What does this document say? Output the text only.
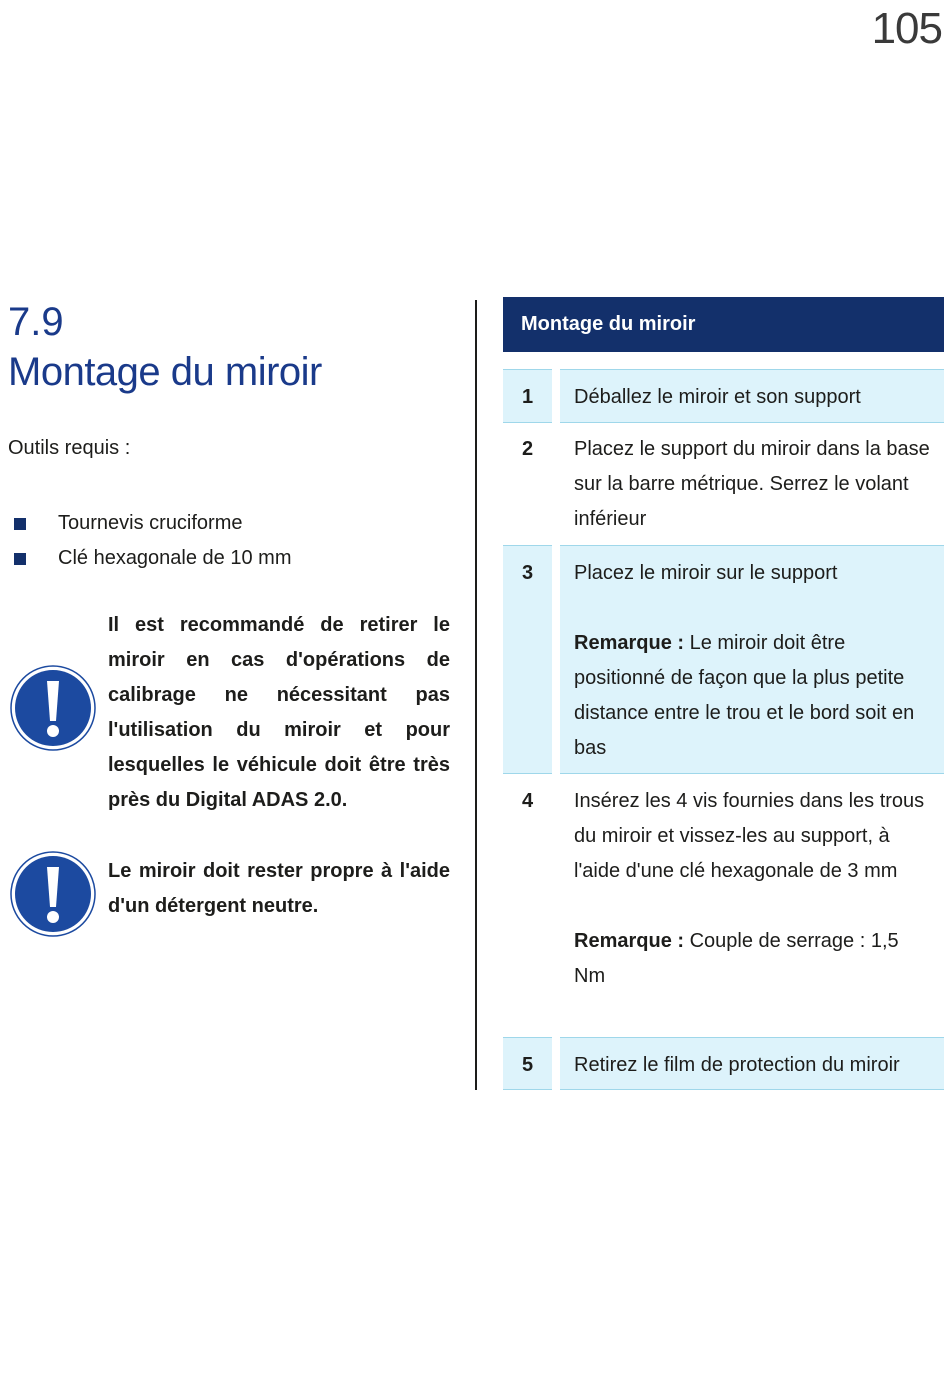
105
7.9
Montage du miroir
Outils requis :
Tournevis cruciforme
Clé hexagonale de 10 mm
Il est recommandé de retirer le miroir en cas d'opérations de calibrage ne nécessitant pas l'utilisation du miroir et pour lesquelles le véhicule doit être très près du Digital ADAS 2.0.
Le miroir doit rester propre à l'aide d'un détergent neutre.
Montage du miroir
1	Déballez le miroir et son support
2	Placez le support du miroir dans la base sur la barre métrique. Serrez le volant inférieur
3	Placez le miroir sur le support
Remarque : Le miroir doit être positionné de façon que la plus petite distance entre le trou et le bord soit en bas
4	Insérez les 4 vis fournies dans les trous du miroir et vissez-les au support, à l'aide d'une clé hexagonale de 3 mm
Remarque : Couple de serrage : 1,5 Nm
5	Retirez le film de protection du miroir
